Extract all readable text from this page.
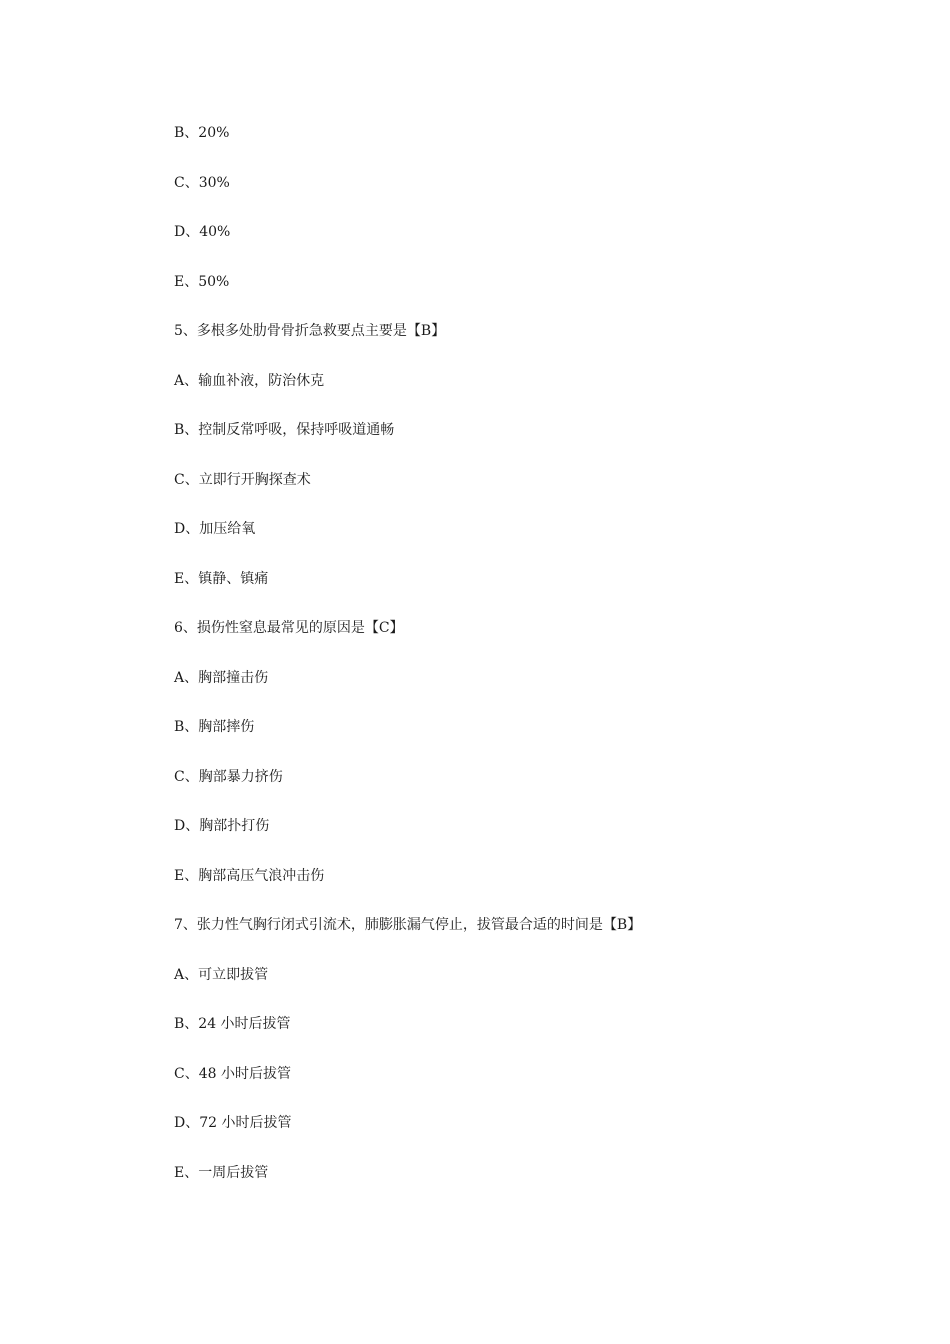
B、20%
C、30%
D、40%
E、50%
5、多根多处肋骨骨折急救要点主要是【B】
A、输血补液，防治休克
B、控制反常呼吸，保持呼吸道通畅
C、立即行开胸探查术
D、加压给氧
E、镇静、镇痛
6、损伤性窒息最常见的原因是【C】
A、胸部撞击伤
B、胸部摔伤
C、胸部暴力挤伤
D、胸部扑打伤
E、胸部高压气浪冲击伤
7、张力性气胸行闭式引流术，肺膨胀漏气停止，拔管最合适的时间是【B】
A、可立即拔管
B、24 小时后拔管
C、48 小时后拔管
D、72 小时后拔管
E、一周后拔管
